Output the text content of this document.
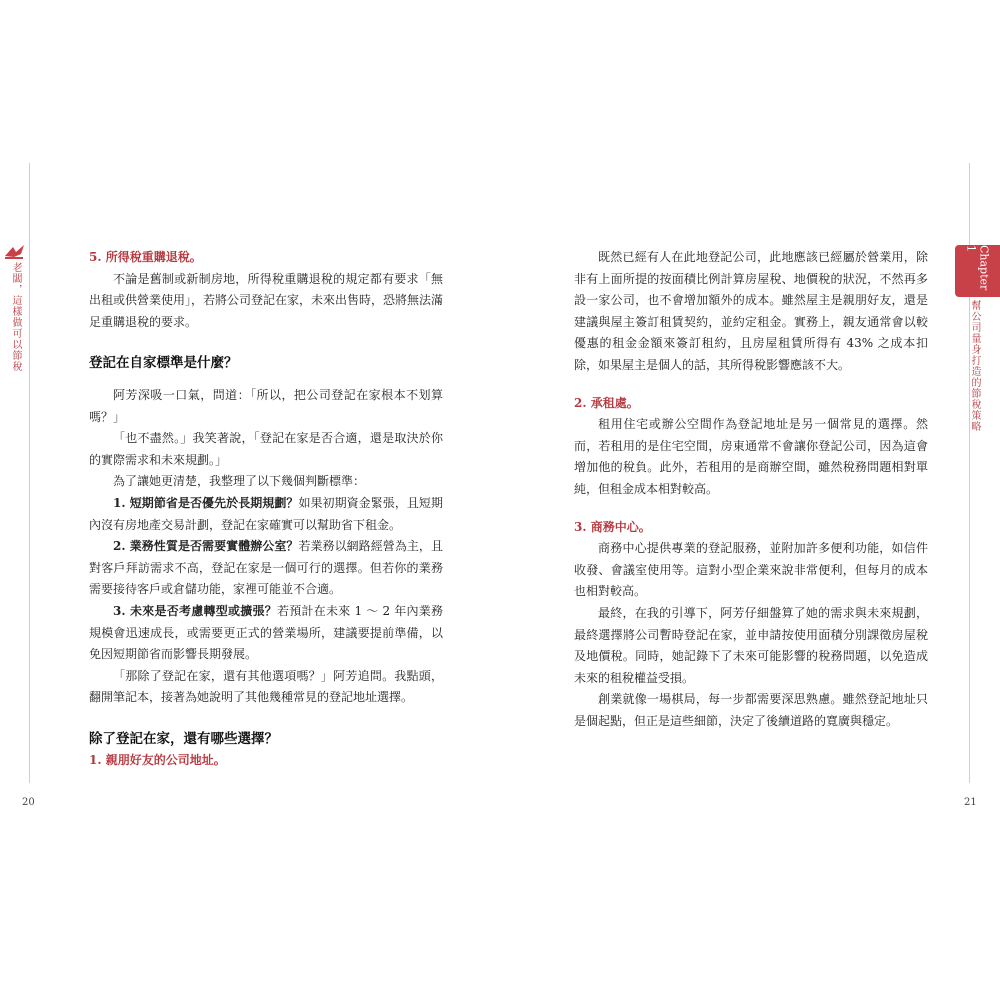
老闆，這樣做可以節稅	Chapter 1
幫公司量身打造的節稅策略
20	21

5. 所得稅重購退稅。

不論是舊制或新制房地，所得稅重購退稅的規定都有要求「無出租或供營業使用」，若將公司登記在家，未來出售時，恐將無法滿足重購退稅的要求。

登記在自家標準是什麼？

阿芳深吸一口氣，問道：「所以，把公司登記在家根本不划算嗎？」

「也不盡然。」我笑著說，「登記在家是否合適，還是取決於你的實際需求和未來規劃。」

為了讓她更清楚，我整理了以下幾個判斷標準：

1. 短期節省是否優先於長期規劃？如果初期資金緊張，且短期內沒有房地產交易計劃，登記在家確實可以幫助省下租金。

2. 業務性質是否需要實體辦公室？若業務以網路經營為主，且對客戶拜訪需求不高，登記在家是一個可行的選擇。但若你的業務需要接待客戶或倉儲功能，家裡可能並不合適。

3. 未來是否考慮轉型或擴張？若預計在未來 1 ～ 2 年內業務規模會迅速成長，或需要更正式的營業場所，建議要提前準備，以免因短期節省而影響長期發展。

「那除了登記在家，還有其他選項嗎？」阿芳追問。我點頭，翻開筆記本，接著為她說明了其他幾種常見的登記地址選擇。

除了登記在家，還有哪些選擇？

1. 親朋好友的公司地址。

既然已經有人在此地登記公司，此地應該已經屬於營業用，除非有上面所提的按面積比例計算房屋稅、地價稅的狀況，不然再多設一家公司，也不會增加額外的成本。雖然屋主是親朋好友，還是建議與屋主簽訂租賃契約，並約定租金。實務上，親友通常會以較優惠的租金金額來簽訂租約，且房屋租賃所得有 43% 之成本扣除，如果屋主是個人的話，其所得稅影響應該不大。

2. 承租處。

租用住宅或辦公空間作為登記地址是另一個常見的選擇。然而，若租用的是住宅空間，房東通常不會讓你登記公司，因為這會增加他的稅負。此外，若租用的是商辦空間，雖然稅務問題相對單純，但租金成本相對較高。

3. 商務中心。

商務中心提供專業的登記服務，並附加許多便利功能，如信件收發、會議室使用等。這對小型企業來說非常便利，但每月的成本也相對較高。

最終，在我的引導下，阿芳仔細盤算了她的需求與未來規劃，最終選擇將公司暫時登記在家，並申請按使用面積分別課徵房屋稅及地價稅。同時，她記錄下了未來可能影響的稅務問題，以免造成未來的租稅權益受損。

創業就像一場棋局，每一步都需要深思熟慮。雖然登記地址只是個起點，但正是這些細節，決定了後續道路的寬廣與穩定。
